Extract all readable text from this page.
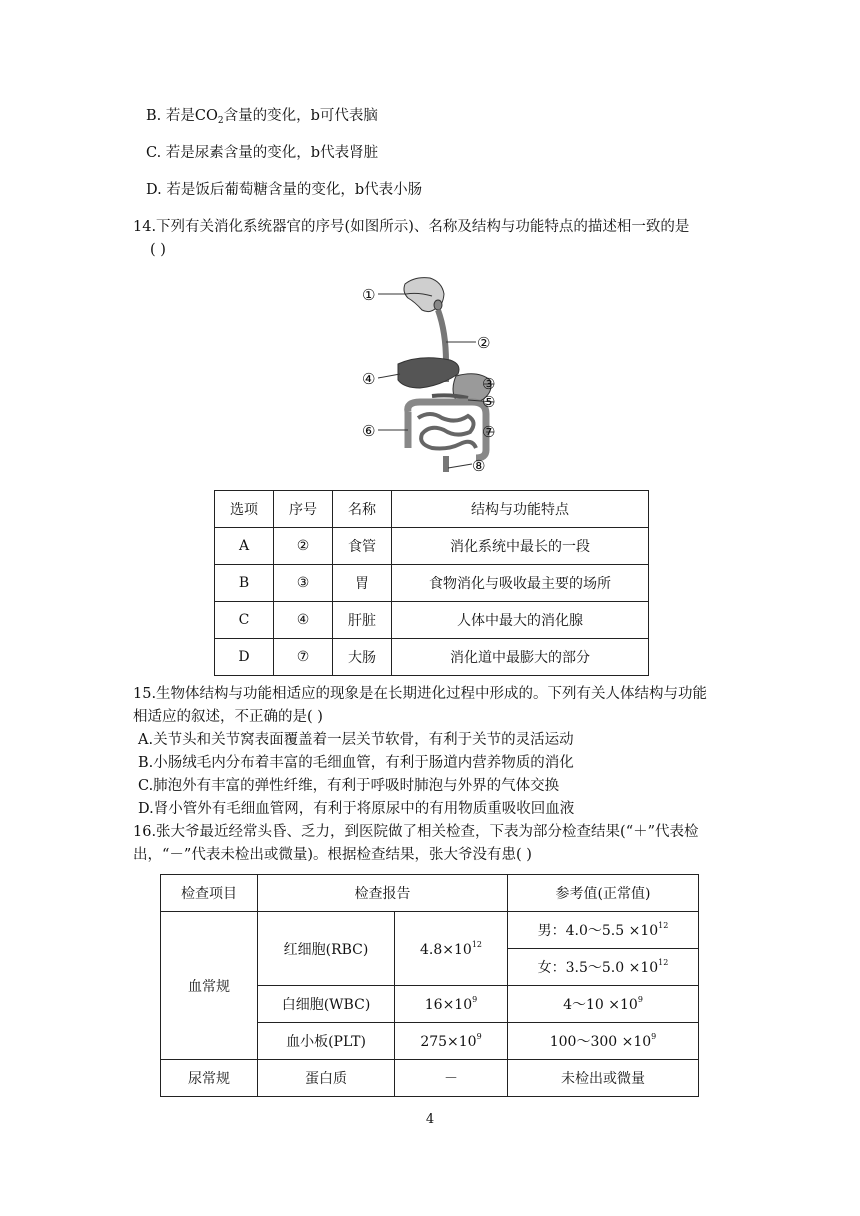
B. 若是$CO_2$含量的变化，b可代表脑
C. 若是尿素含量的变化，b代表肾脏
D. 若是饭后葡萄糖含量的变化，b代表小肠
14.下列有关消化系统器官的序号(如图所示)、名称及结构与功能特点的描述相一致的是
( )
①
②
③
④
⑤
⑥	⑦
⑧
选项	序号	名称	结构与功能特点
A	②	食管	消化系统中最长的一段
B	③	胃	食物消化与吸收最主要的场所
C	④	肝脏	人体中最大的消化腺
D	⑦	大肠	消化道中最膨大的部分
15.生物体结构与功能相适应的现象是在长期进化过程中形成的。下列有关人体结构与功能
相适应的叙述，不正确的是( )
A.关节头和关节窝表面覆盖着一层关节软骨，有利于关节的灵活运动
B.小肠绒毛内分布着丰富的毛细血管，有利于肠道内营养物质的消化
C.肺泡外有丰富的弹性纤维，有利于呼吸时肺泡与外界的气体交换
D.肾小管外有毛细血管网，有利于将原尿中的有用物质重吸收回血液
16.张大爷最近经常头昏、乏力，到医院做了相关检查，下表为部分检查结果(“＋”代表检
出，“－”代表未检出或微量)。根据检查结果，张大爷没有患( )
检查项目	检查报告		参考值(正常值)
血常规	红细胞(RBC)	$4.8\times 10^{12}$	男：4.0～5.5 $\times 10^{12}$
			女：3.5～5.0 $\times 10^{12}$
	白细胞(WBC)	$16\times 10^9$	4～10 $\times 10^9$
	血小板(PLT)	$275\times 10^9$	100～300 $\times 10^9$
尿常规	蛋白质	－	未检出或微量
4
